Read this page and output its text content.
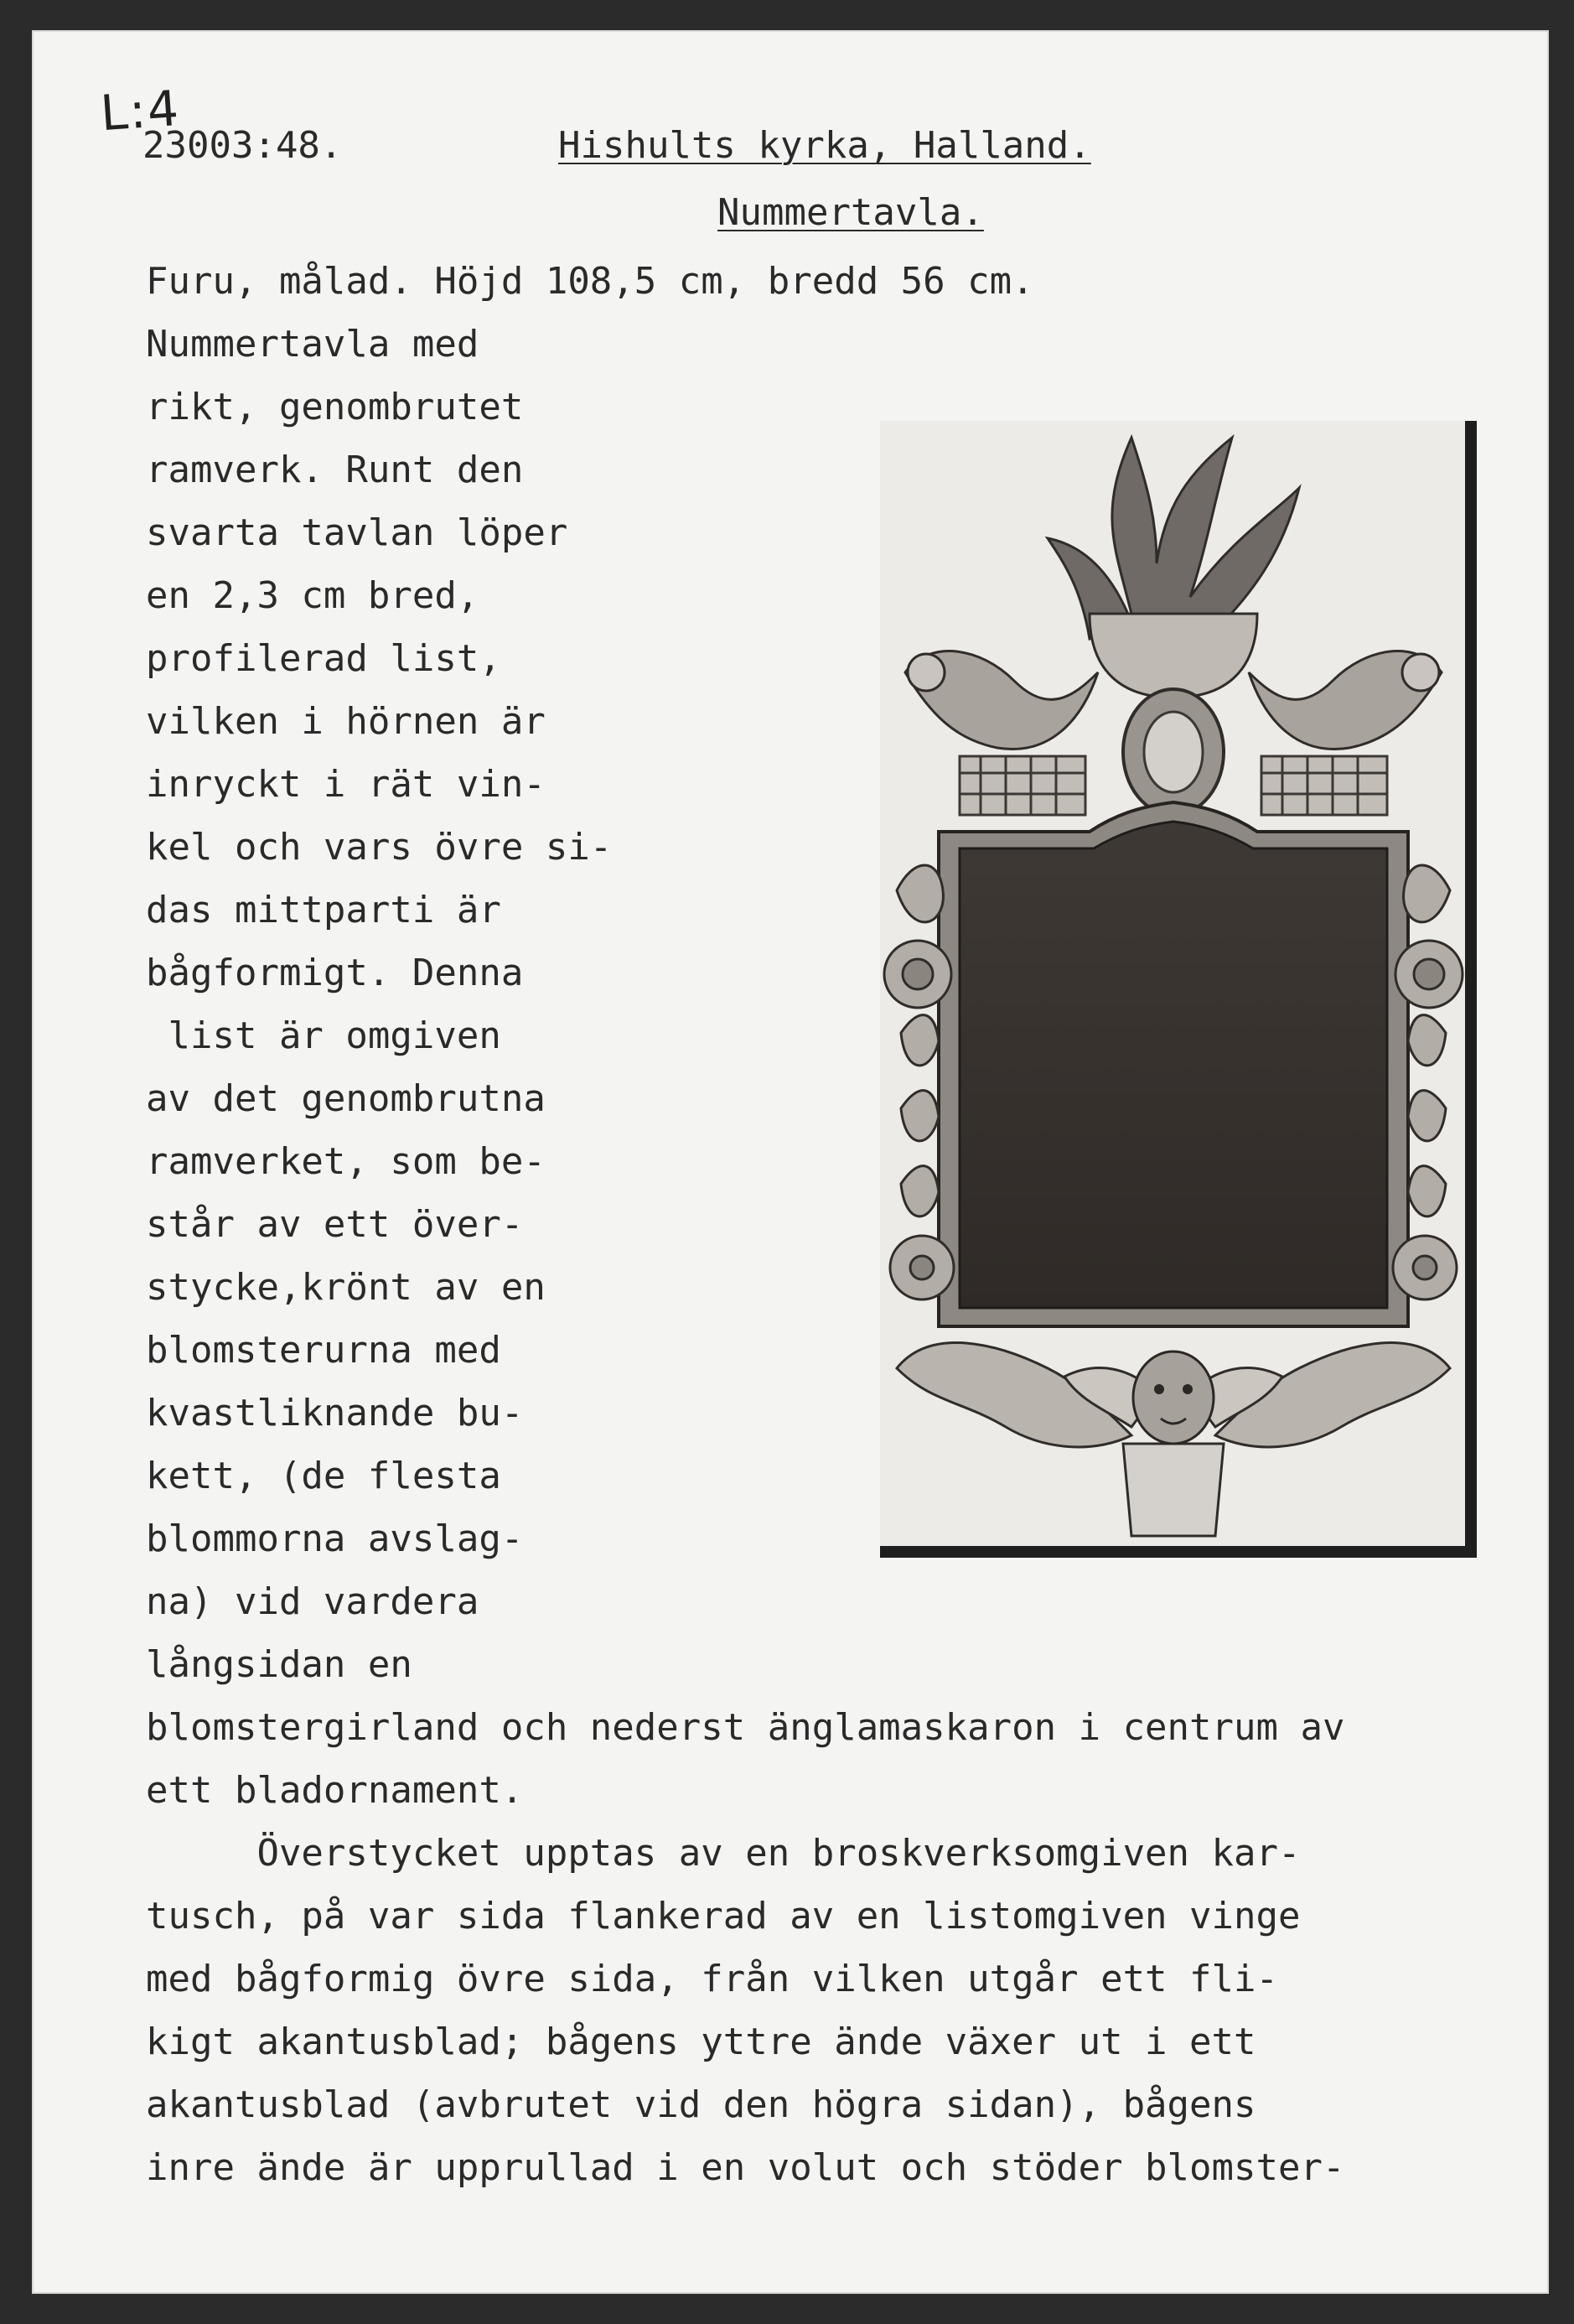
L:4
23003:48.	Hishults kyrka, Halland.
Nummertavla.
Furu, målad. Höjd 108,5 cm, bredd 56 cm.
Nummertavla med
rikt, genombrutet
ramverk. Runt den
svarta tavlan löper
en 2,3 cm bred,
profilerad list,
vilken i hörnen är
inryckt i rät vin-
kel och vars övre si-
das mittparti är
bågformigt. Denna
list är omgiven
av det genombrutna
ramverket, som be-
står av ett över-
stycke,krönt av en
blomsterurna med
kvastliknande bu-
kett, (de flesta
blommorna avslag-
na) vid vardera
långsidan en
blomstergirland och nederst änglamaskaron i centrum av
ett bladornament.
Överstycket upptas av en broskverksomgiven kar-
tusch, på var sida flankerad av en listomgiven vinge
med bågformig övre sida, från vilken utgår ett fli-
kigt akantusblad; bågens yttre ände växer ut i ett
akantusblad (avbrutet vid den högra sidan), bågens
inre ände är upprullad i en volut och stöder blomster-
